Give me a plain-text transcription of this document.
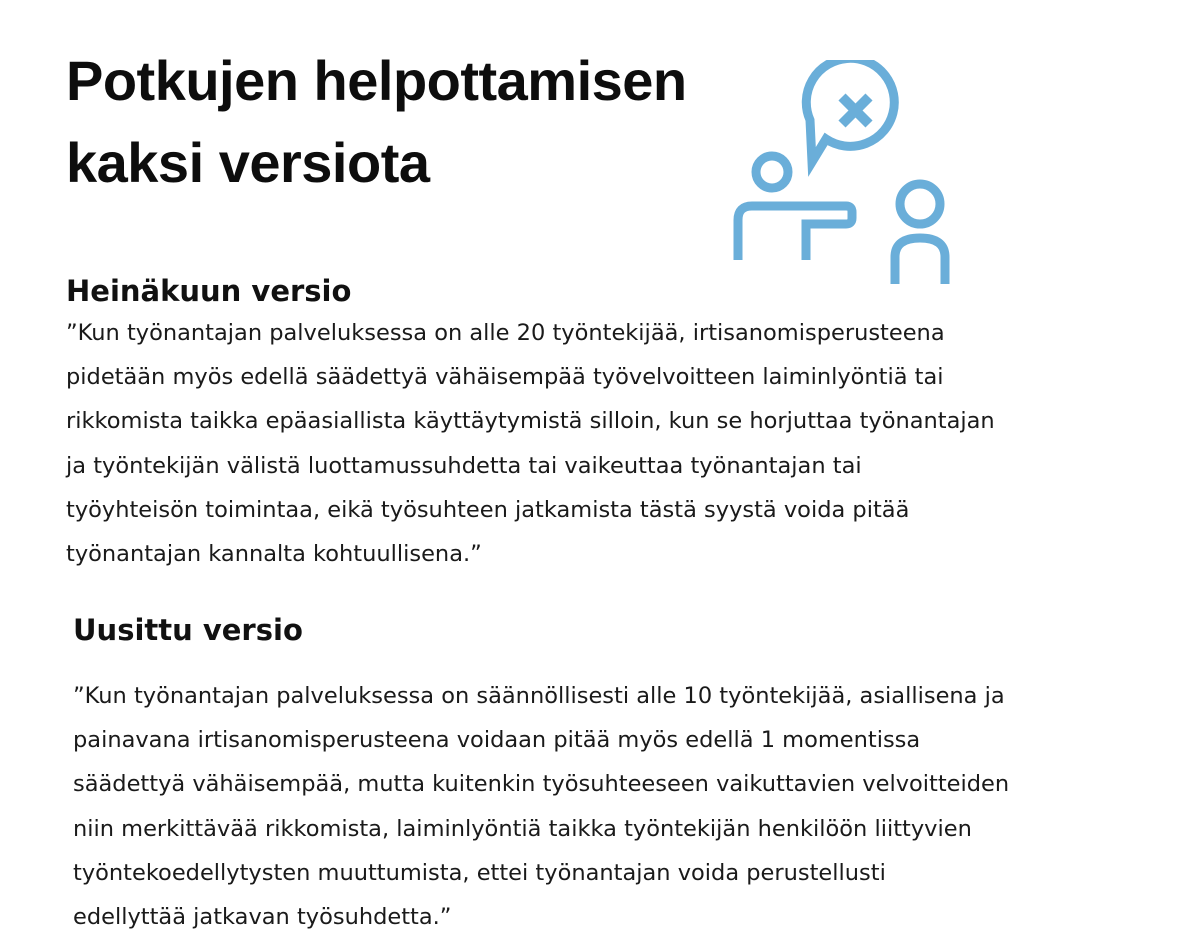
Potkujen helpottamisen
kaksi versiota
Heinäkuun versio

”Kun työnantajan palveluksessa on alle 20 työntekijää, irtisanomisperusteena
pidetään myös edellä säädettyä vähäisempää työvelvoitteen laiminlyöntiä tai
rikkomista taikka epäasiallista käyttäytymistä silloin, kun se horjuttaa työnantajan
ja työntekijän välistä luottamussuhdetta tai vaikeuttaa työnantajan tai
työyhteisön toimintaa, eikä työsuhteen jatkamista tästä syystä voida pitää
työnantajan kannalta kohtuullisena.”

Uusittu versio

”Kun työnantajan palveluksessa on säännöllisesti alle 10 työntekijää, asiallisena ja
painavana irtisanomisperusteena voidaan pitää myös edellä 1 momentissa
säädettyä vähäisempää, mutta kuitenkin työsuhteeseen vaikuttavien velvoitteiden
niin merkittävää rikkomista, laiminlyöntiä taikka työntekijän henkilöön liittyvien
työntekoedellytysten muuttumista, ettei työnantajan voida perustellusti
edellyttää jatkavan työsuhdetta.”
